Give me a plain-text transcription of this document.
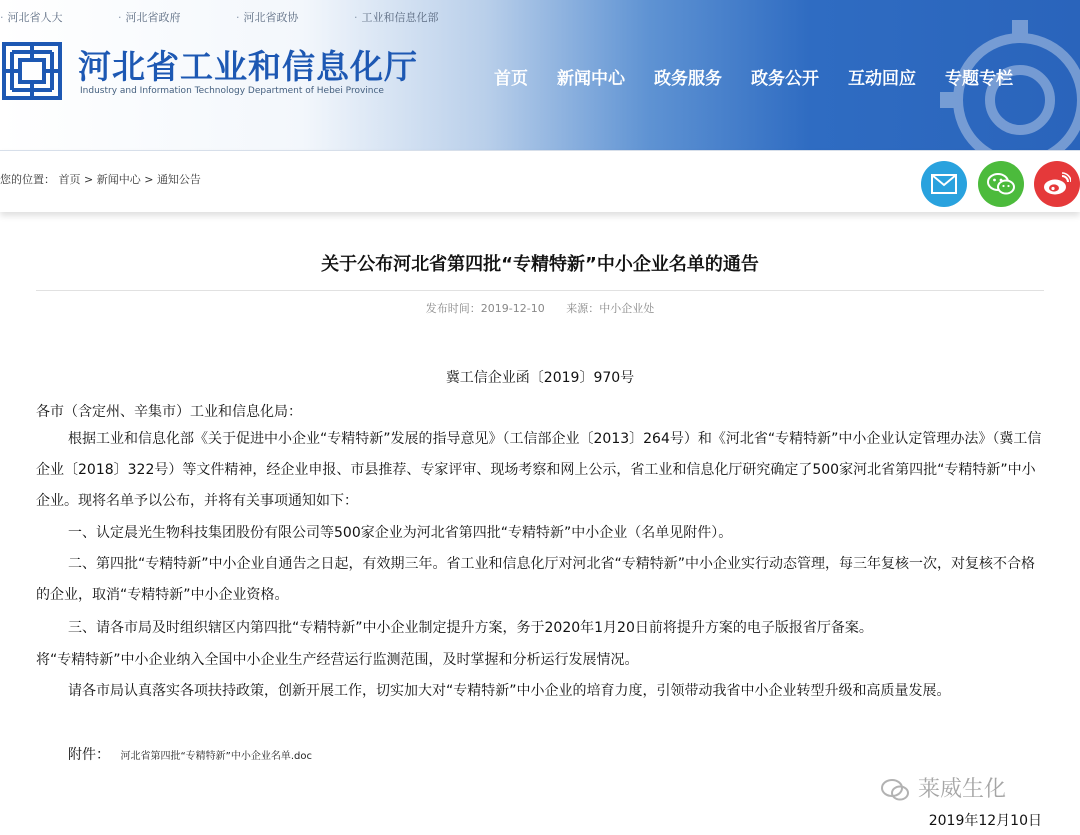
· 河北省人大	· 河北省政府	· 河北省政协	· 工业和信息化部
河北省工业和信息化厅
Industry and Information Technology Department of Hebei Province
首页 新闻中心 政务服务 政务公开 互动回应 专题专栏
您的位置： 首页 > 新闻中心 > 通知公告
关于公布河北省第四批“专精特新”中小企业名单的通告
发布时间：2019-12-10 来源：中小企业处
冀工信企业函〔2019〕970号
各市（含定州、辛集市）工业和信息化局：
根据工业和信息化部《关于促进中小企业“专精特新”发展的指导意见》（工信部企业〔2013〕264号）和《河北省“专精特新”中小企业认定管理办法》（冀工信企业〔2018〕322号）等文件精神，经企业申报、市县推荐、专家评审、现场考察和网上公示，省工业和信息化厅研究确定了500家河北省第四批“专精特新”中小企业。现将名单予以公布，并将有关事项通知如下：
一、认定晨光生物科技集团股份有限公司等500家企业为河北省第四批“专精特新”中小企业（名单见附件）。
二、第四批“专精特新”中小企业自通告之日起，有效期三年。省工业和信息化厅对河北省“专精特新”中小企业实行动态管理，每三年复核一次，对复核不合格的企业，取消“专精特新”中小企业资格。
三、请各市局及时组织辖区内第四批“专精特新”中小企业制定提升方案，务于2020年1月20日前将提升方案的电子版报省厅备案。
将“专精特新”中小企业纳入全国中小企业生产经营运行监测范围，及时掌握和分析运行发展情况。
请各市局认真落实各项扶持政策，创新开展工作，切实加大对“专精特新”中小企业的培育力度，引领带动我省中小企业转型升级和高质量发展。
附件： 河北省第四批“专精特新”中小企业名单.doc
莱威生化
2019年12月10日
